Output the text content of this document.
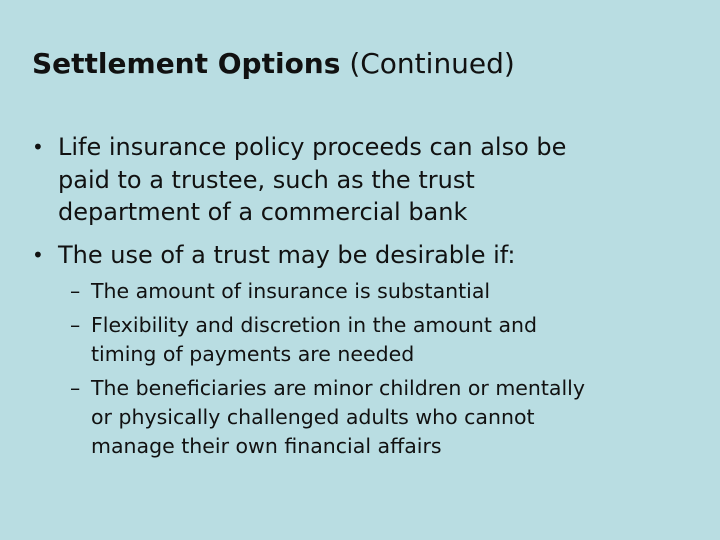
Settlement Options (Continued)
• Life insurance policy proceeds can also be
paid to a trustee, such as the trust
department of a commercial bank
• The use of a trust may be desirable if:
– The amount of insurance is substantial
– Flexibility and discretion in the amount and
timing of payments are needed
– The beneficiaries are minor children or mentally
or physically challenged adults who cannot
manage their own financial affairs
